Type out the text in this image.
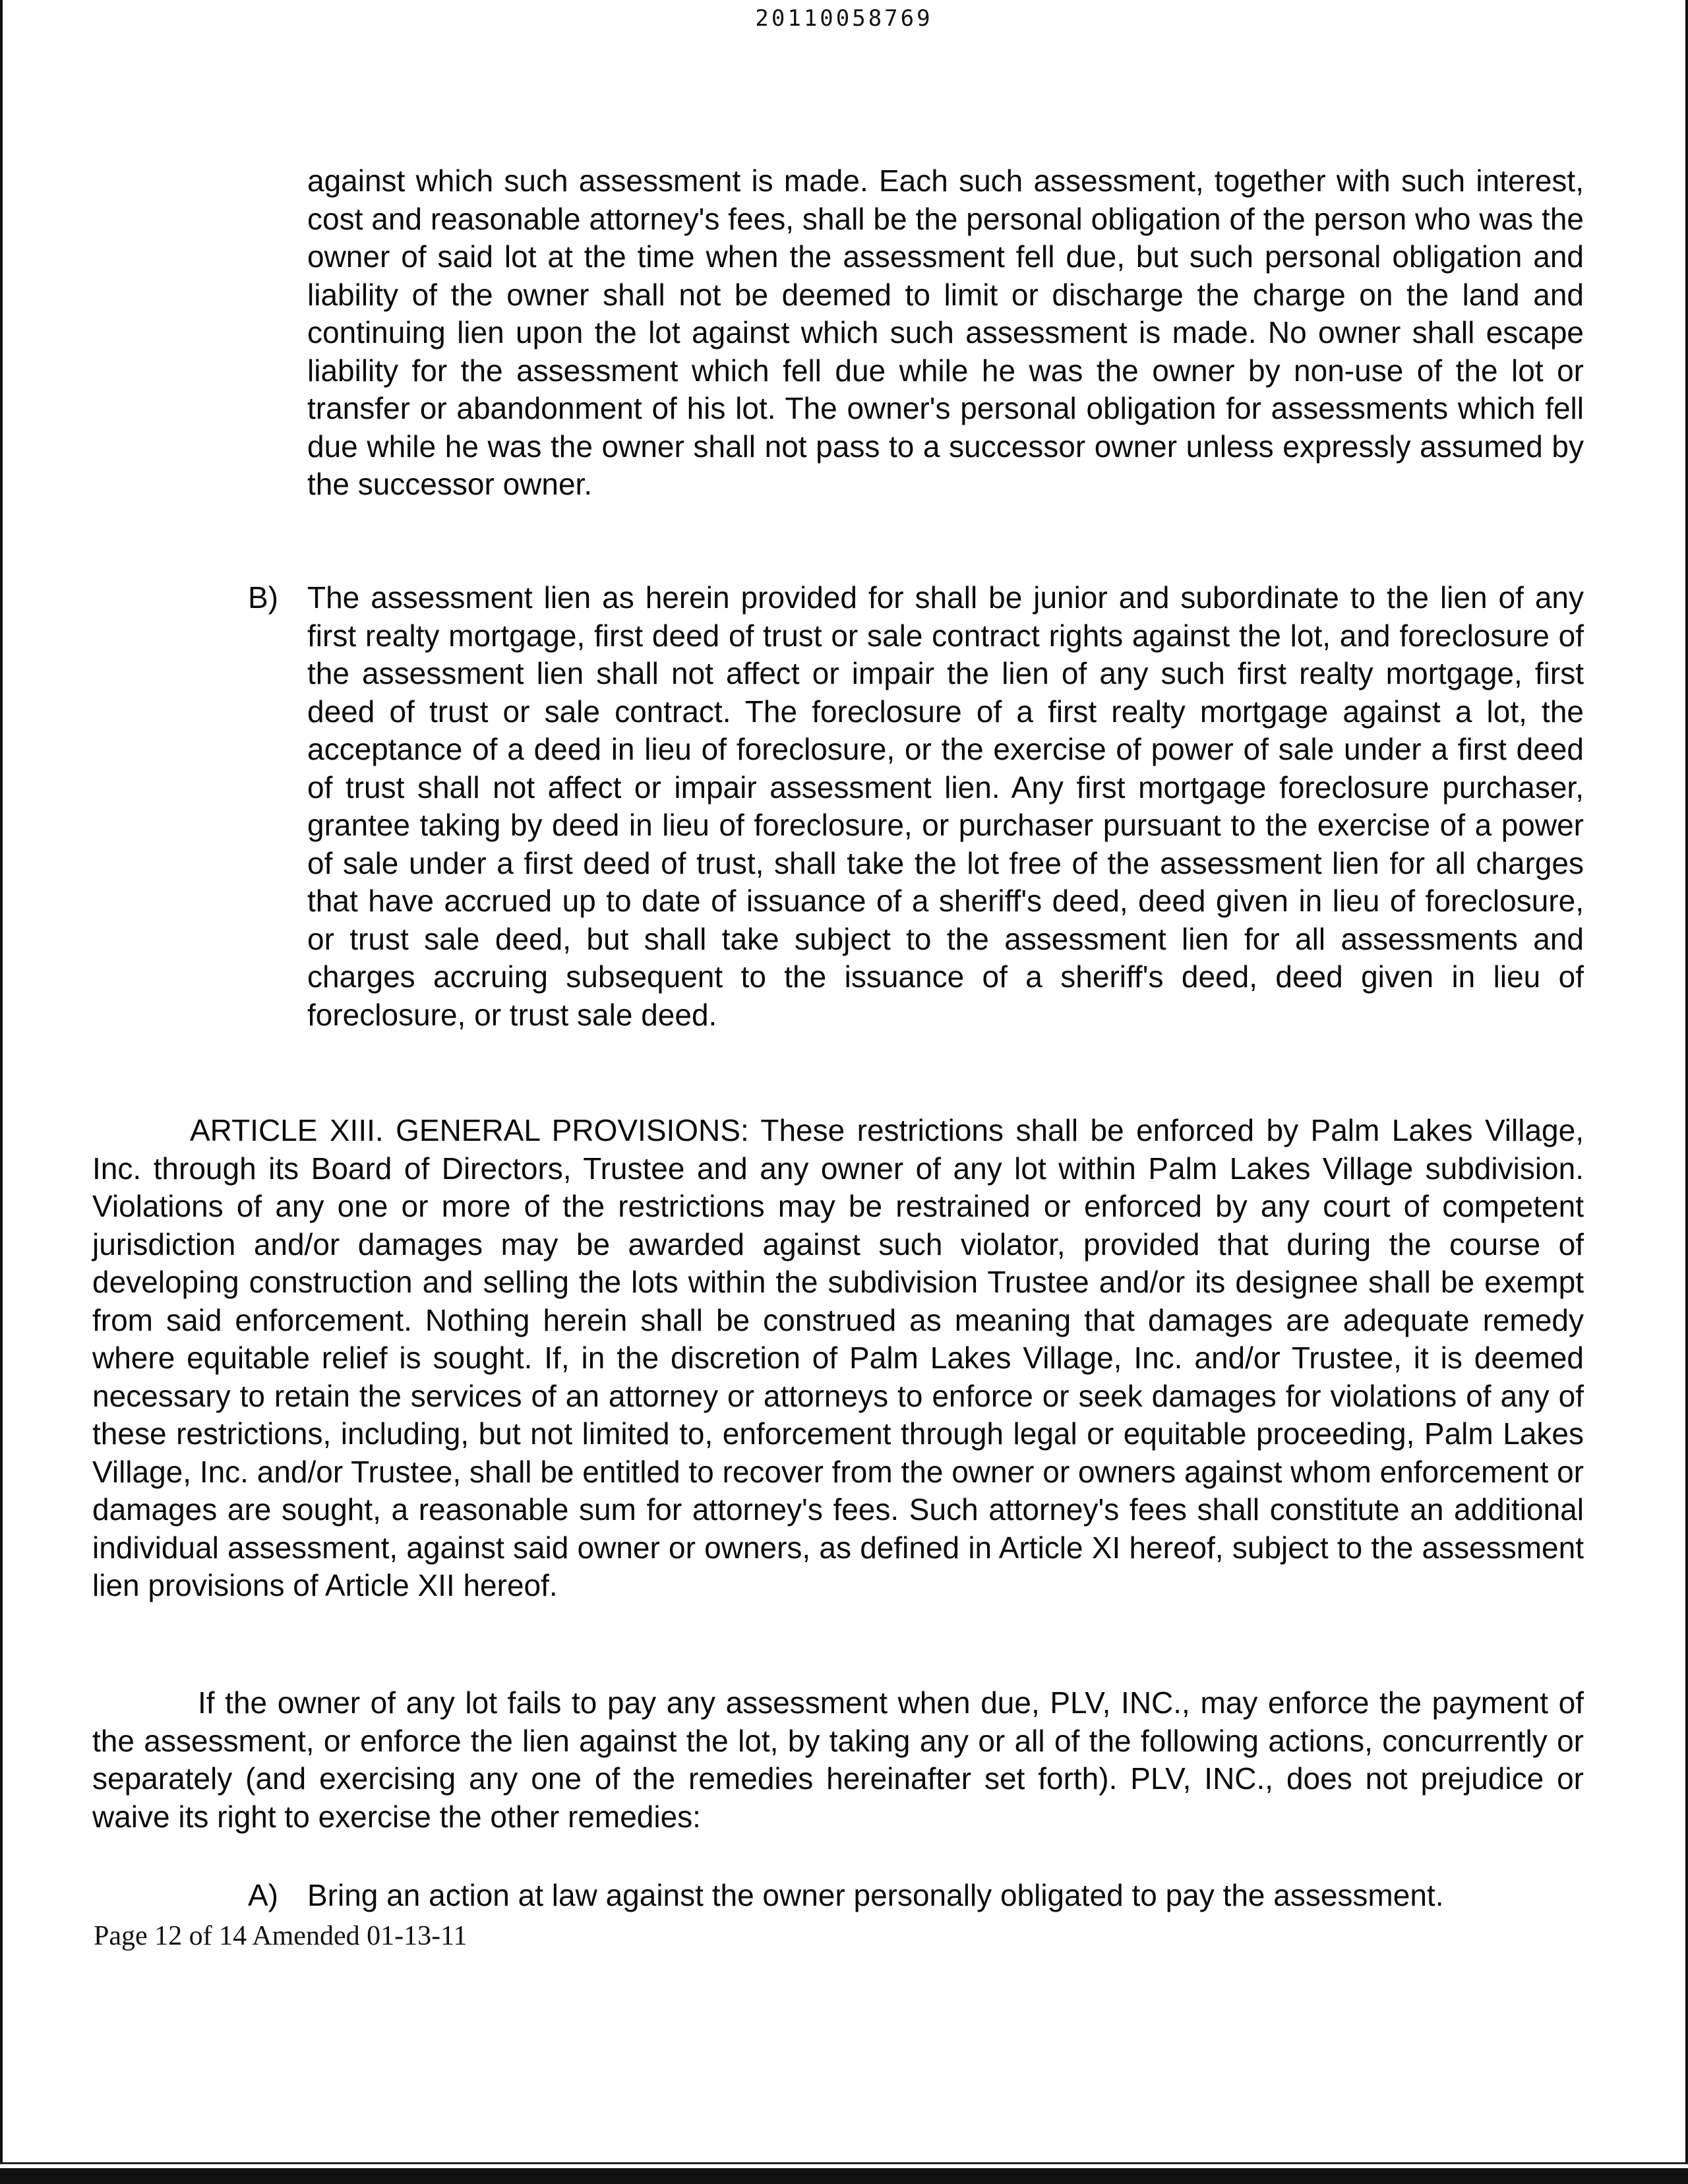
20110058769

against which such assessment is made. Each such assessment, together with such interest, cost and reasonable attorney's fees, shall be the personal obligation of the person who was the owner of said lot at the time when the assessment fell due, but such personal obligation and liability of the owner shall not be deemed to limit or discharge the charge on the land and continuing lien upon the lot against which such assessment is made. No owner shall escape liability for the assessment which fell due while he was the owner by non-use of the lot or transfer or abandonment of his lot. The owner's personal obligation for assessments which fell due while he was the owner shall not pass to a successor owner unless expressly assumed by the successor owner.

B) The assessment lien as herein provided for shall be junior and subordinate to the lien of any first realty mortgage, first deed of trust or sale contract rights against the lot, and foreclosure of the assessment lien shall not affect or impair the lien of any such first realty mortgage, first deed of trust or sale contract. The foreclosure of a first realty mortgage against a lot, the acceptance of a deed in lieu of foreclosure, or the exercise of power of sale under a first deed of trust shall not affect or impair assessment lien. Any first mortgage foreclosure purchaser, grantee taking by deed in lieu of foreclosure, or purchaser pursuant to the exercise of a power of sale under a first deed of trust, shall take the lot free of the assessment lien for all charges that have accrued up to date of issuance of a sheriff's deed, deed given in lieu of foreclosure, or trust sale deed, but shall take subject to the assessment lien for all assessments and charges accruing subsequent to the issuance of a sheriff's deed, deed given in lieu of foreclosure, or trust sale deed.

ARTICLE XIII. GENERAL PROVISIONS: These restrictions shall be enforced by Palm Lakes Village, Inc. through its Board of Directors, Trustee and any owner of any lot within Palm Lakes Village subdivision. Violations of any one or more of the restrictions may be restrained or enforced by any court of competent jurisdiction and/or damages may be awarded against such violator, provided that during the course of developing construction and selling the lots within the subdivision Trustee and/or its designee shall be exempt from said enforcement. Nothing herein shall be construed as meaning that damages are adequate remedy where equitable relief is sought. If, in the discretion of Palm Lakes Village, Inc. and/or Trustee, it is deemed necessary to retain the services of an attorney or attorneys to enforce or seek damages for violations of any of these restrictions, including, but not limited to, enforcement through legal or equitable proceeding, Palm Lakes Village, Inc. and/or Trustee, shall be entitled to recover from the owner or owners against whom enforcement or damages are sought, a reasonable sum for attorney's fees. Such attorney's fees shall constitute an additional individual assessment, against said owner or owners, as defined in Article XI hereof, subject to the assessment lien provisions of Article XII hereof.

If the owner of any lot fails to pay any assessment when due, PLV, INC., may enforce the payment of the assessment, or enforce the lien against the lot, by taking any or all of the following actions, concurrently or separately (and exercising any one of the remedies hereinafter set forth). PLV, INC., does not prejudice or waive its right to exercise the other remedies:

A) Bring an action at law against the owner personally obligated to pay the assessment.
Page 12 of 14 Amended 01-13-11
